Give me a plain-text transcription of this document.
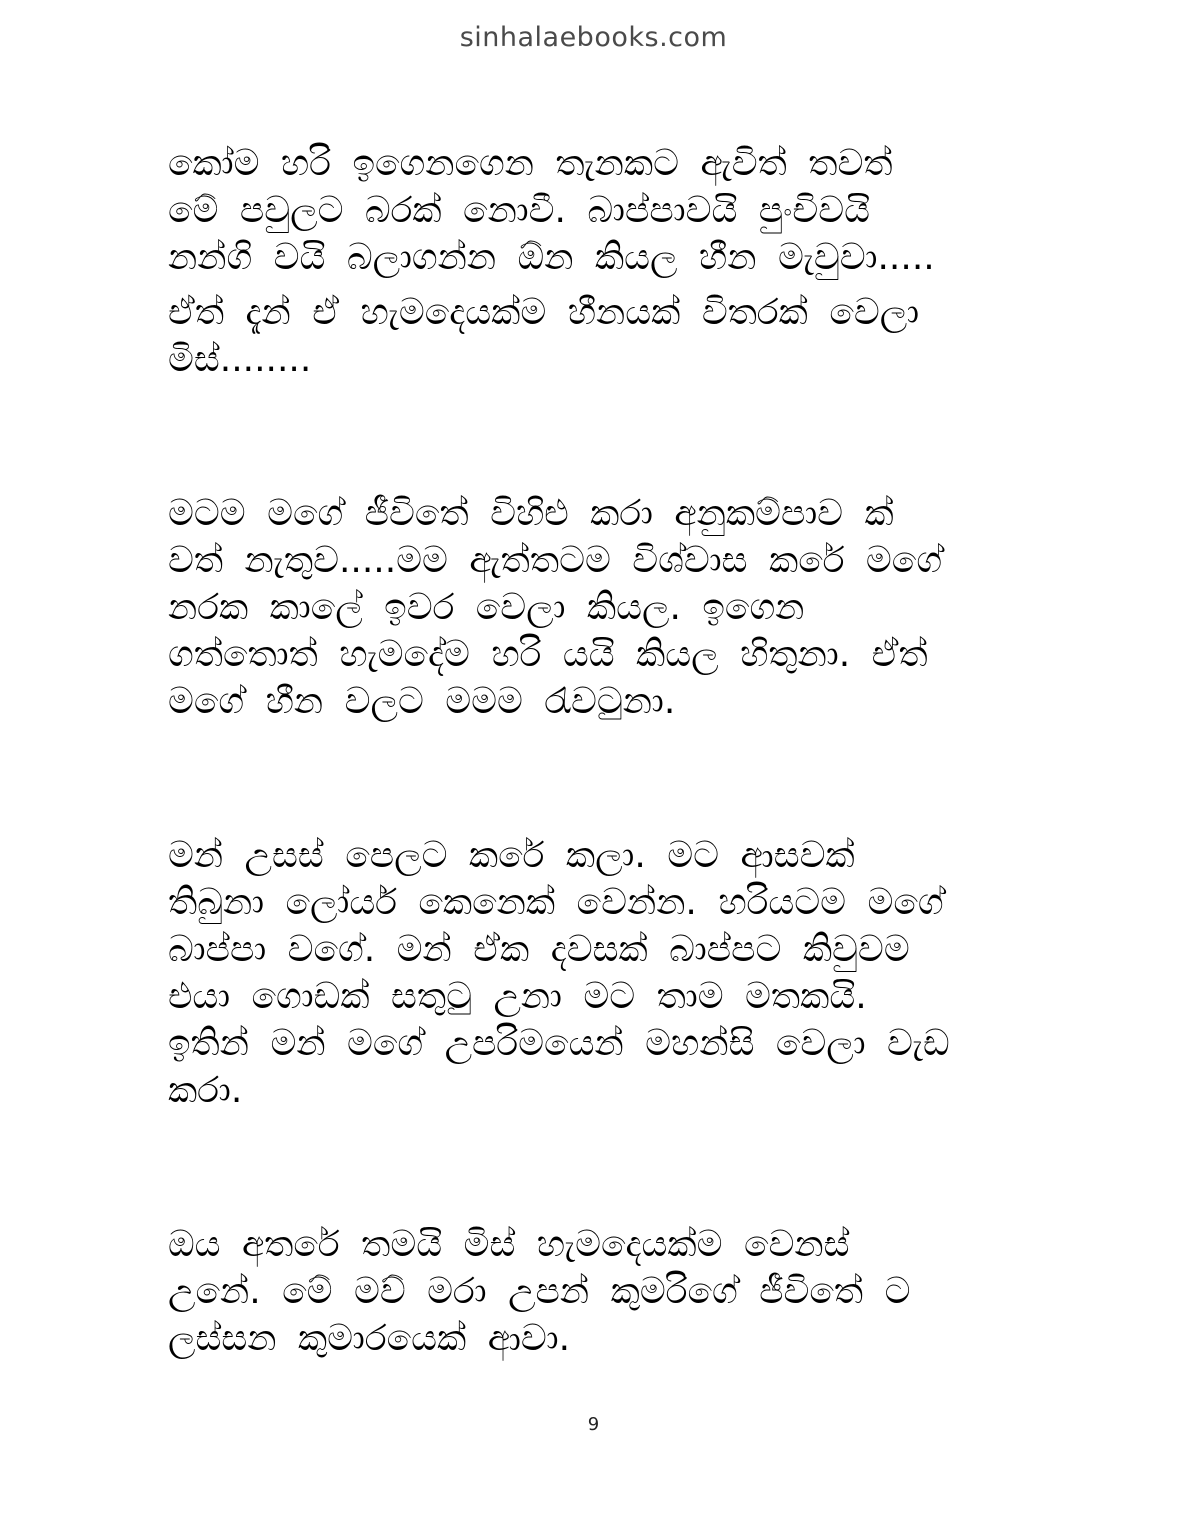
sinhalaebooks.com
කෝම හරි ඉගෙනගෙන තැනකට ඇවිත් තවත්
මේ පවුලට බරක් නොවී. බාප්පාවයි පුංචිවයි
නන්ගි වයි බලාගන්න ඕන කියල හීන මැවුවා.....
ඒත් දැන් ඒ හැමදෙයක්ම හීනයක් විතරක් වෙලා
මිස්........
මටම මගේ ජීවිතේ විහිළු කරා අනුකම්පාව ක්
වත් නැතුව.....මම ඇත්තටම විශ්වාස කරේ මගේ
නරක කාලේ ඉවර වෙලා කියල. ඉගෙන
ගත්තොත් හැමදේම හරි යයි කියල හිතුනා. ඒත්
මගේ හීන වලට මමම රැවටුනා.
මන් උසස් පෙලට කරේ කලා. මට ආසවක්
තිබුනා ලෝයර් කෙනෙක් වෙන්න. හරියටම මගේ
බාප්පා වගේ. මන් ඒක දවසක් බාප්පට කිවුවම
එයා ගොඩක් සතුටු උනා මට තාම මතකයි.
ඉතින් මන් මගේ උපරිමයෙන් මහන්සි වෙලා වැඩ
කරා.
ඔය අතරේ තමයි මිස් හැමදෙයක්ම වෙනස්
උනේ. මේ මව් මරා උපන් කුමරිගේ ජීවිතේ ට
ලස්සන කුමාරයෙක් ආවා.
9
